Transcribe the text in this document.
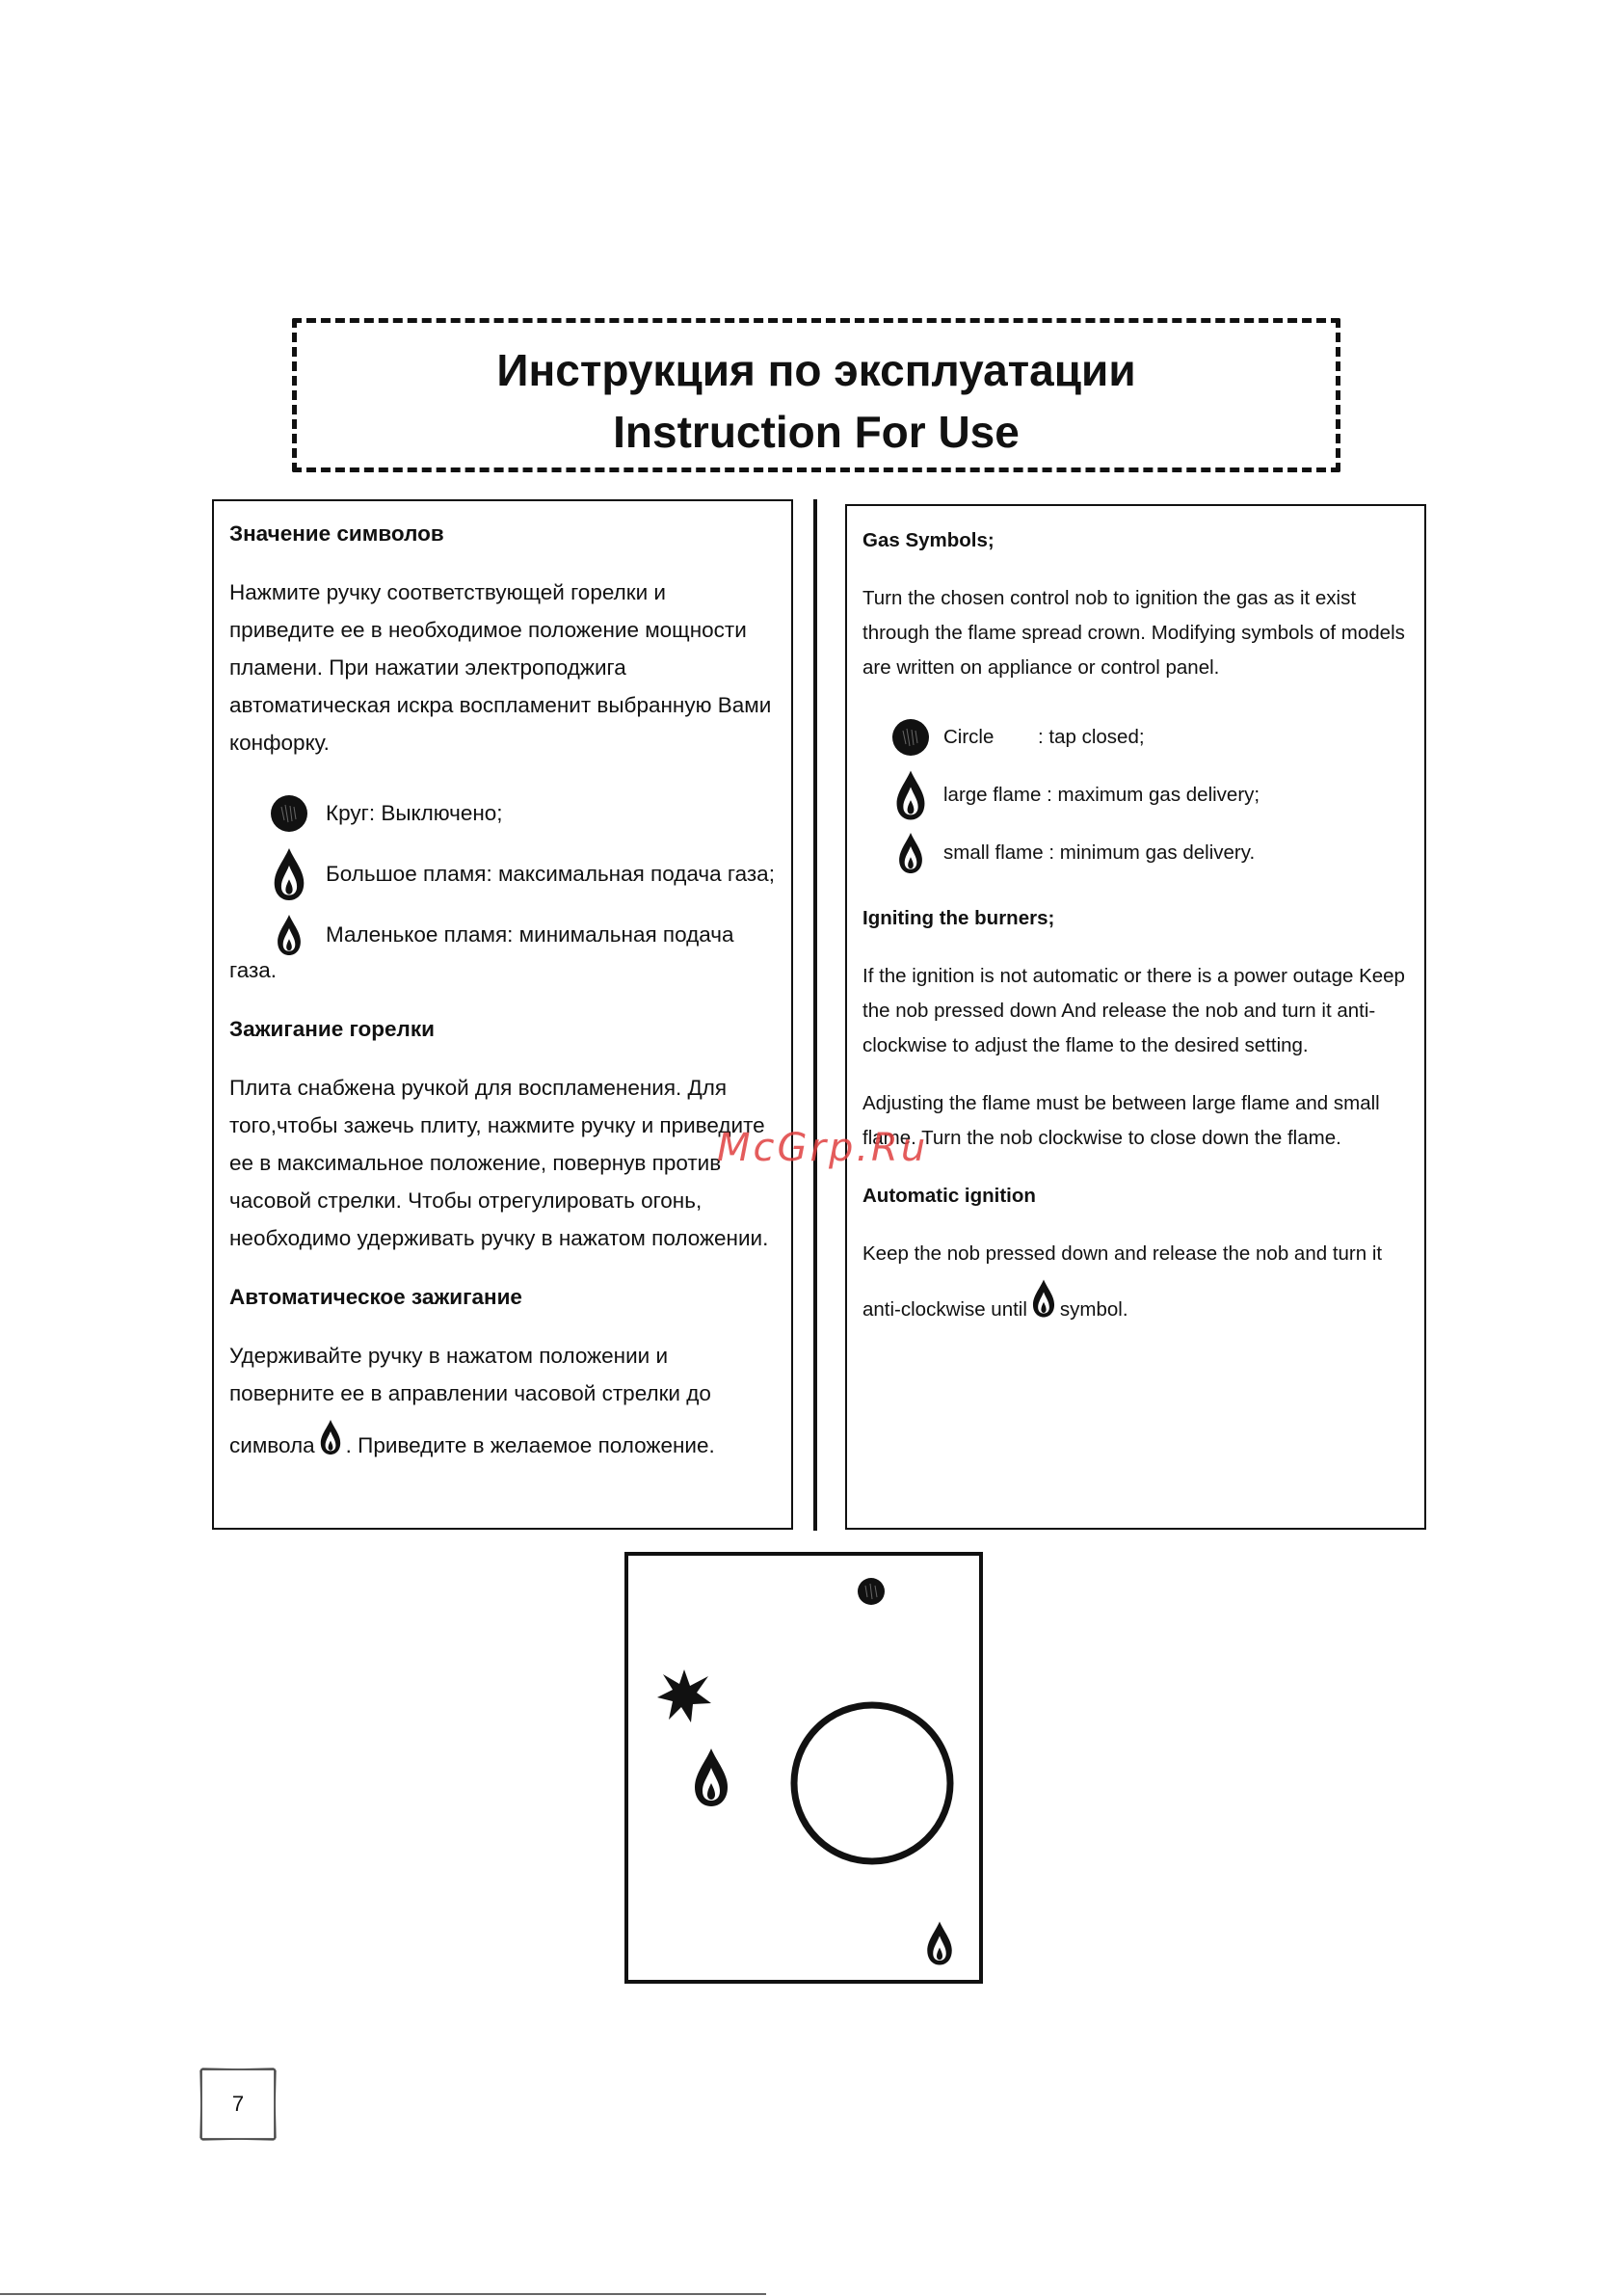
Инструкция по эксплуатации
Instruction For Use
Значение символов

Нажмите ручку соответствующей горелки и приведите ее в необходимое положение мощности пламени. При нажатии электроподжига автоматическая искра воспламенит выбранную Вами конфорку.

Круг: Выключено;
Большое пламя: максимальная подача газа;
Маленькое пламя: минимальная подача

газа.

Зажигание горелки

Плита снабжена ручкой для воспламенения. Для того,чтобы зажечь плиту, нажмите ручку и приведите ее в максимальное положение, повернув против часовой стрелки. Чтобы отрегулировать огонь, необходимо удерживать ручку в нажатом положении.

Автоматическое зажигание

Удерживайте ручку в нажатом положении и поверните ее в аправлении часовой стрелки до

символа . Приведите в желаемое положение.

Gas Symbols;

Turn the chosen control nob to ignition the gas as it exist through the flame spread crown. Modifying symbols of models are written on appliance or control panel.

Circle	: tap closed;
large flame : maximum gas delivery;
small flame : minimum gas delivery.
Igniting the burners;

If the ignition is not automatic or there is a power outage Keep the nob pressed down And release the nob and turn it anti-clockwise to adjust the flame to the desired setting.

Adjusting the flame must be between large flame and small flame. Turn the nob clockwise to close down the flame.

Automatic ignition

Keep the nob pressed down and release the nob and turn it

anti-clockwise until symbol.

McGrp.Ru
7
